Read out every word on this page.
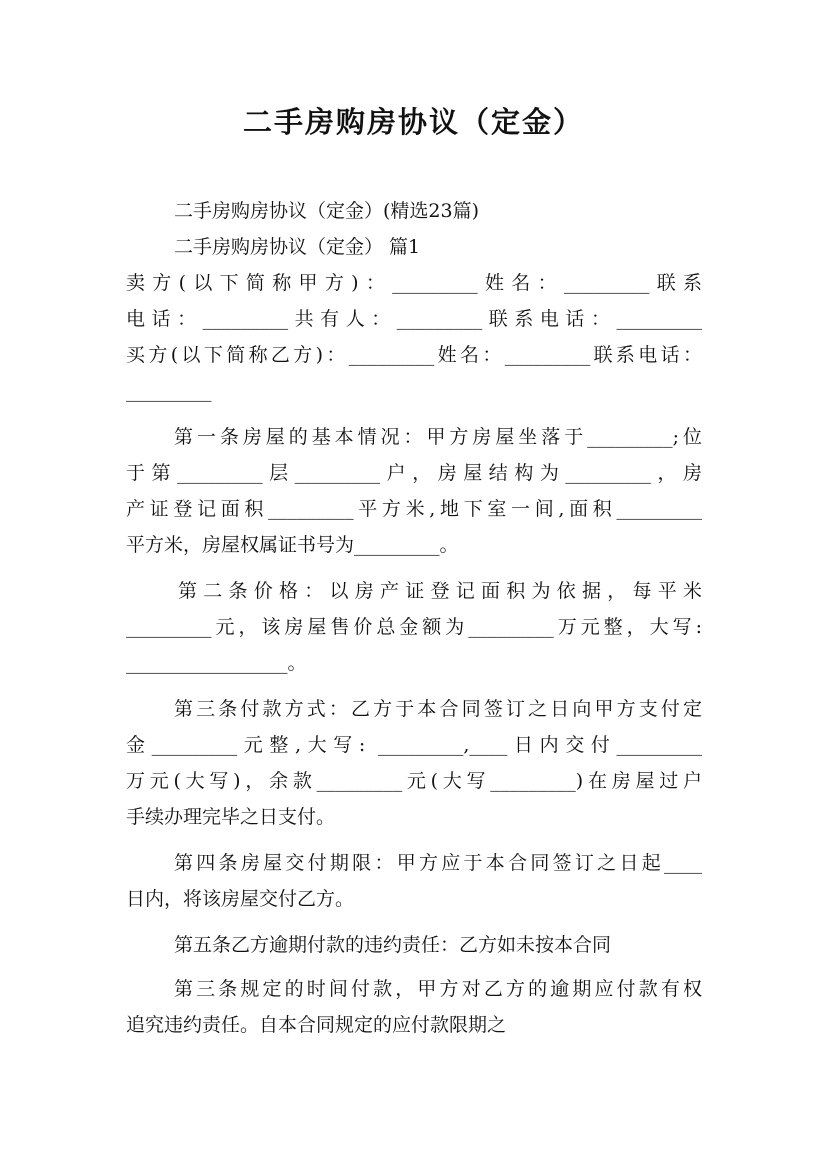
二手房购房协议（定金）

二手房购房协议（定金）(精选23篇)

二手房购房协议（定金） 篇1

卖方(以下简称甲方)：_________姓名：_________联系

电话：_________共有人：_________联系电话：_________
买方(以下简称乙方)：_________姓名：_________联系电话：
_________
第一条房屋的基本情况：甲方房屋坐落于_________;位
于第_________层_________户，房屋结构为_________，房
产证登记面积_________平方米,地下室一间,面积_________
平方米，房屋权属证书号为_________。
第二条价格：以房产证登记面积为依据，每平米
_________元，该房屋售价总金额为_________万元整，大写:
_________________。
第三条付款方式：乙方于本合同签订之日向甲方支付定
金_________元整,大写: _________,____日内交付_________
万元(大写)，余款_________元(大写_________)在房屋过户
手续办理完毕之日支付。
第四条房屋交付期限：甲方应于本合同签订之日起____
日内，将该房屋交付乙方。
第五条乙方逾期付款的违约责任：乙方如未按本合同
第三条规定的时间付款，甲方对乙方的逾期应付款有权
追究违约责任。自本合同规定的应付款限期之
